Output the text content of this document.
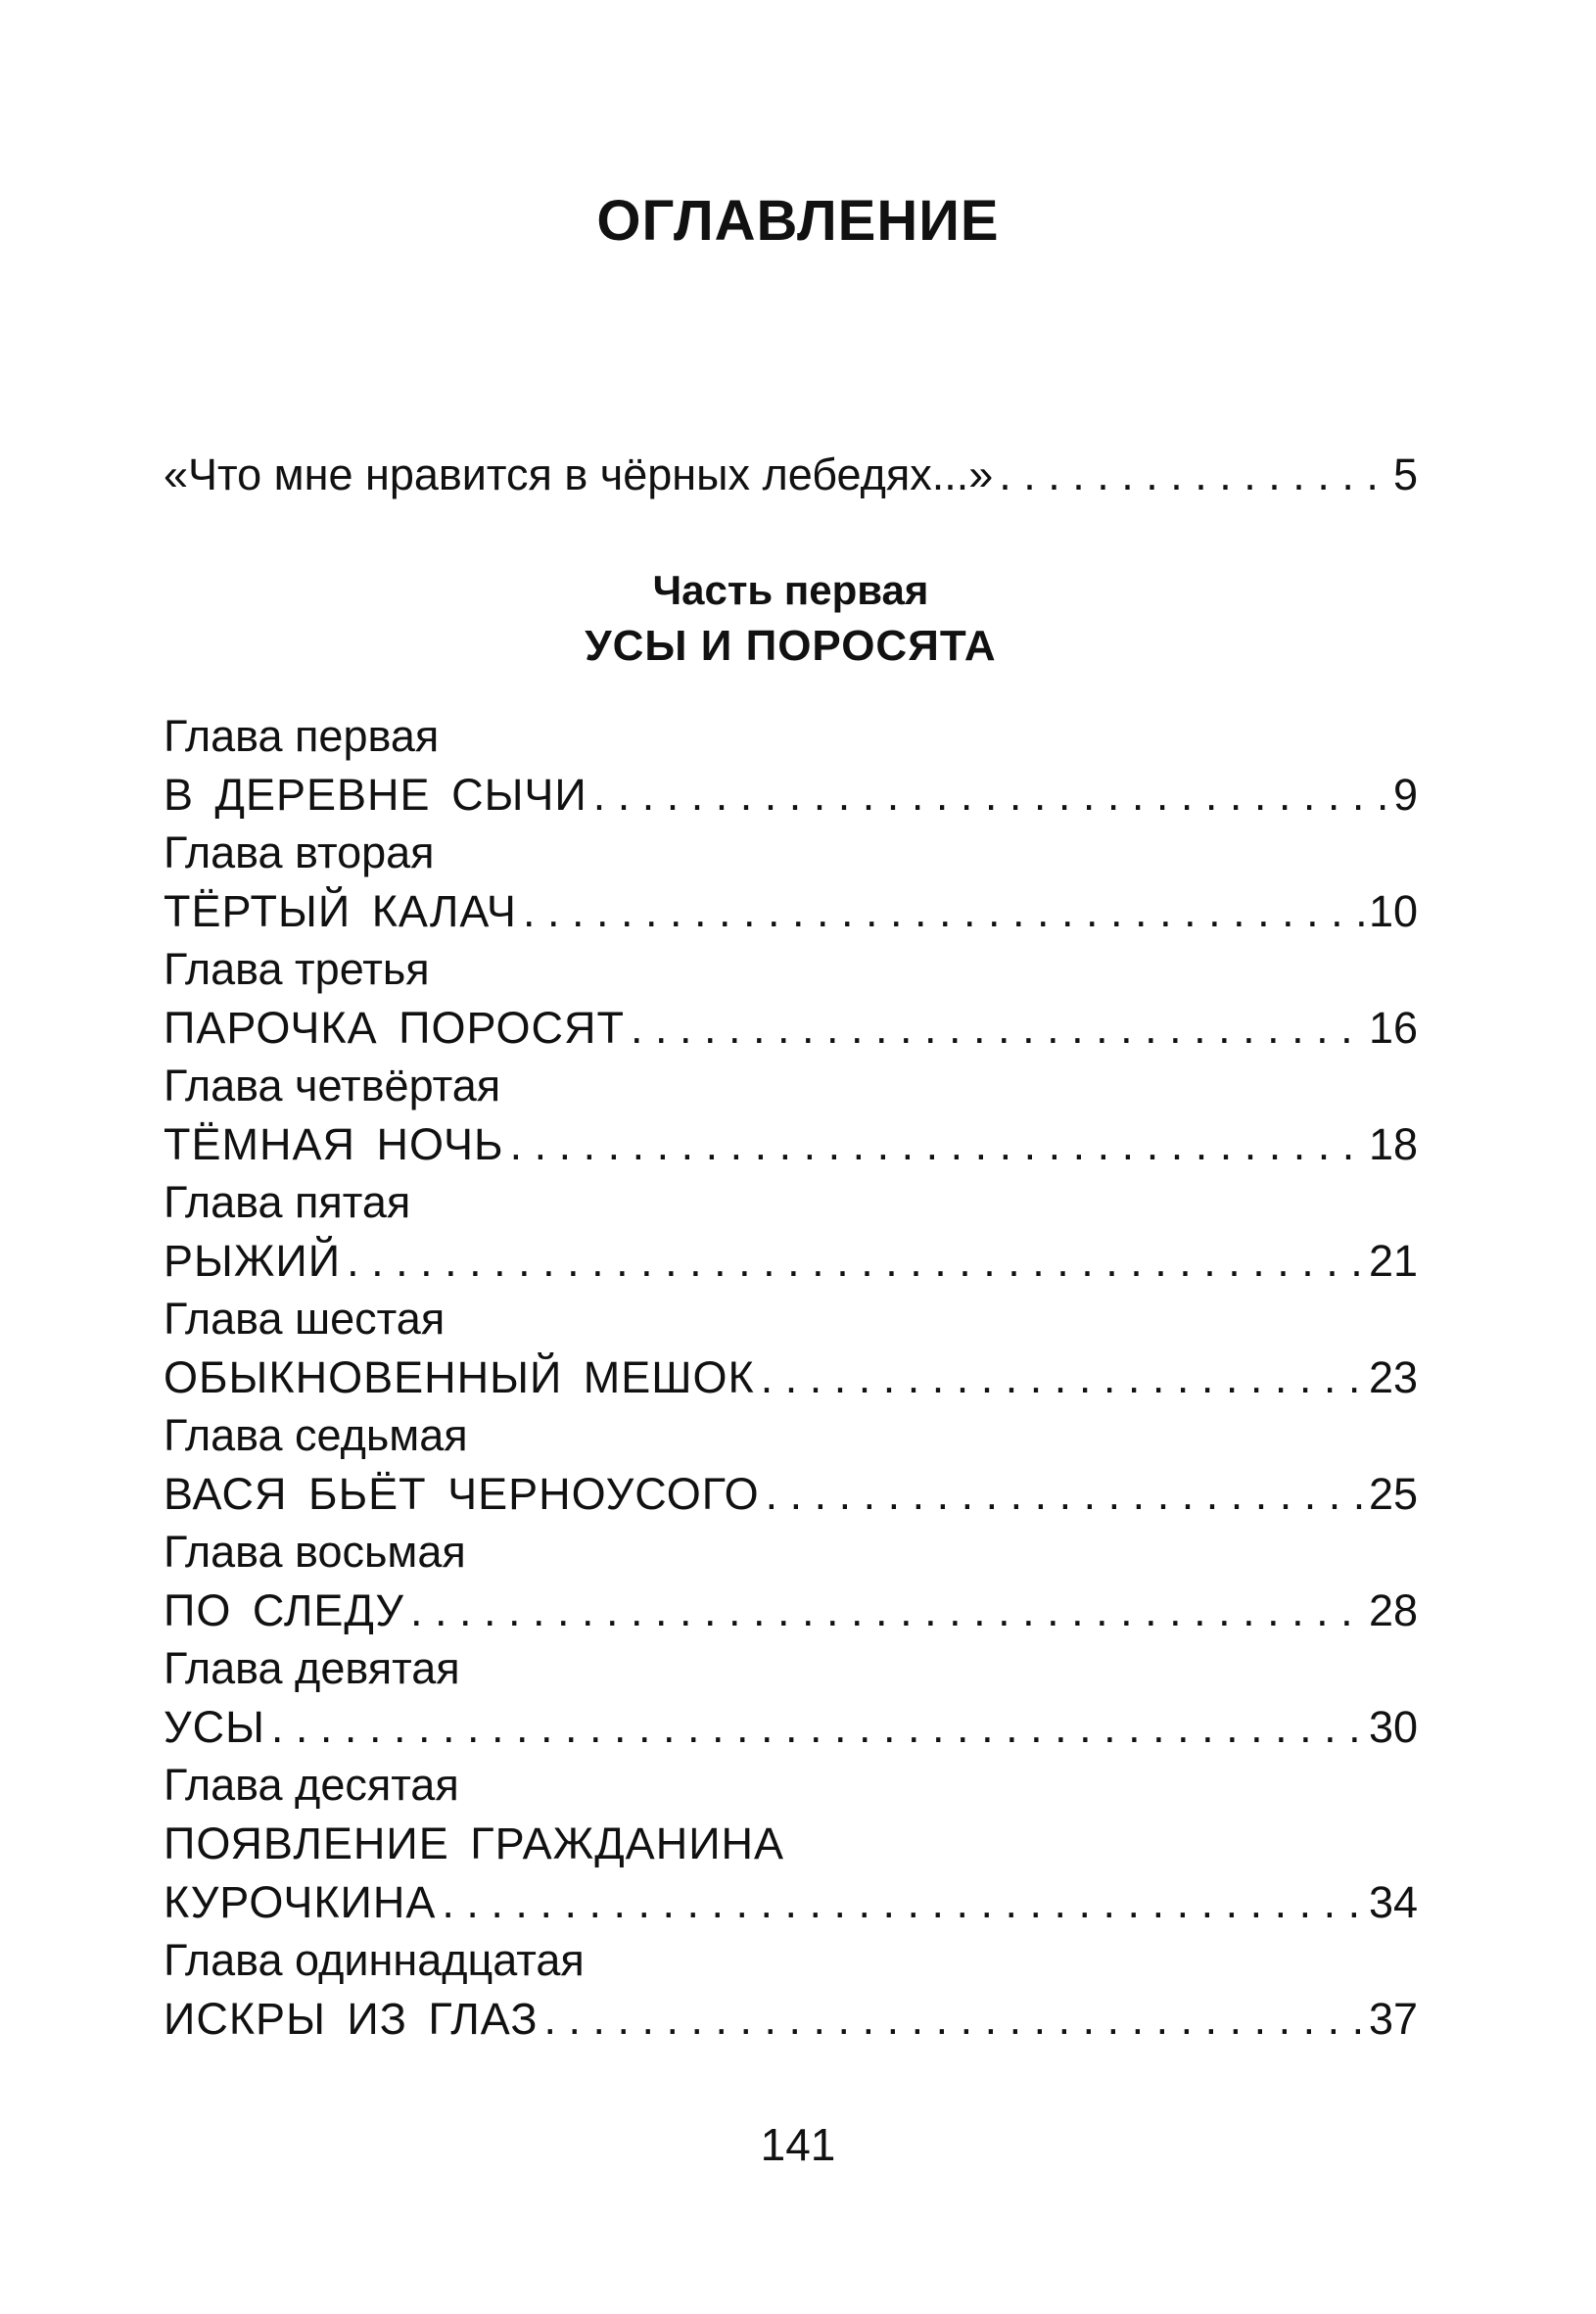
ОГЛАВЛЕНИЕ
«Что мне нравится в чёрных лебедях...» . . .	5
Часть первая
УСЫ И ПОРОСЯТА
Глава первая
В ДЕРЕВНЕ СЫЧИ . . .	9
Глава вторая
ТЁРТЫЙ КАЛАЧ . . .	10
Глава третья
ПАРОЧКА ПОРОСЯТ . . .	16
Глава четвёртая
ТЁМНАЯ НОЧЬ . . .	18
Глава пятая
РЫЖИЙ . . .	21
Глава шестая
ОБЫКНОВЕННЫЙ МЕШОК . . .	23
Глава седьмая
ВАСЯ БЬЁТ ЧЕРНОУСОГО . . .	25
Глава восьмая
ПО СЛЕДУ . . .	28
Глава девятая
УСЫ . . .	30
Глава десятая
ПОЯВЛЕНИЕ ГРАЖДАНИНА
КУРОЧКИНА . . .	34
Глава одиннадцатая
ИСКРЫ ИЗ ГЛАЗ . . .	37
141
